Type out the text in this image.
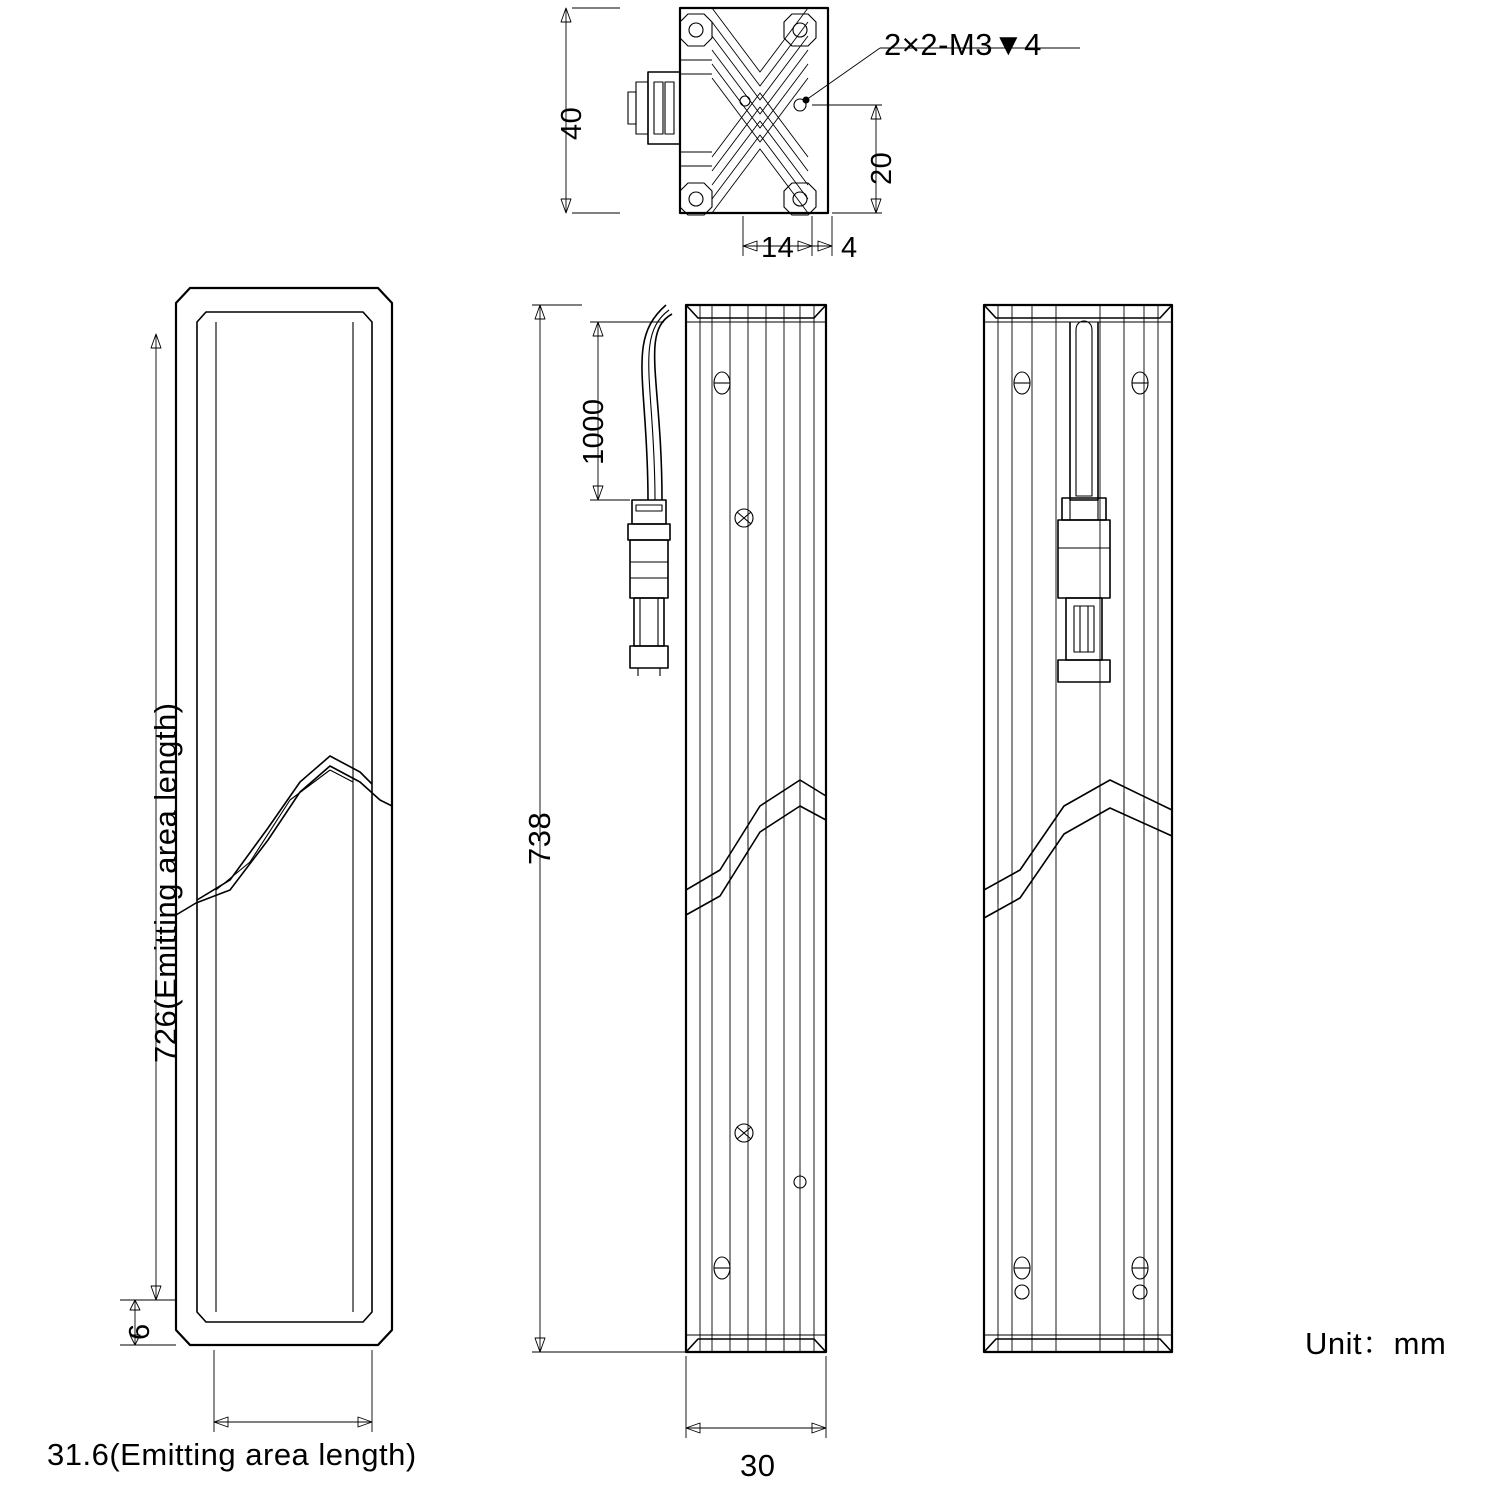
40
20
14 4
2×2-M3▼4
1000
738
726(Emitting area length)
6
30
31.6(Emitting area length)
Unit：mm
